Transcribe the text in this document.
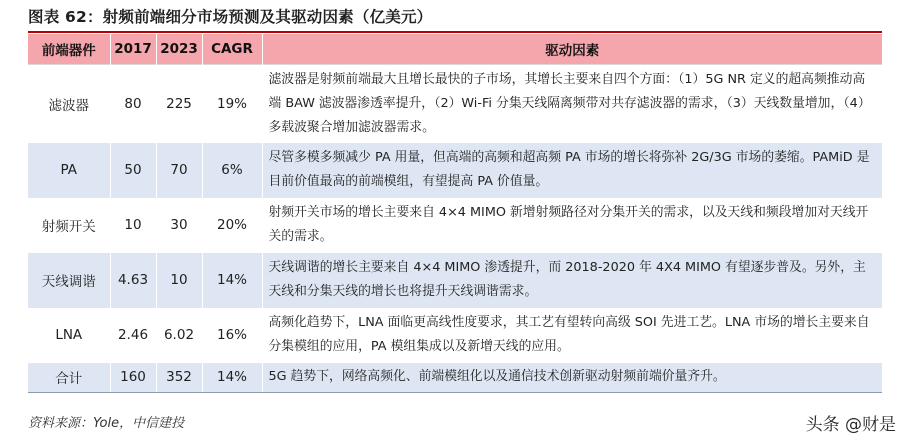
图表 62：射频前端细分市场预测及其驱动因素（亿美元）
前端器件	2017	2023	CAGR	驱动因素
滤波器	80	225	19%	滤波器是射频前端最大且增长最快的子市场，其增长主要来自四个方面：（1）5G NR 定义的超高频推动高端 BAW 滤波器渗透率提升，（2）Wi-Fi 分集天线隔离频带对共存滤波器的需求，（3）天线数量增加，（4）多载波聚合增加滤波器需求。
PA	50	70	6%	尽管多模多频减少 PA 用量，但高端的高频和超高频 PA 市场的增长将弥补 2G/3G 市场的萎缩。PAMiD 是目前价值最高的前端模组，有望提高 PA 价值量。
射频开关	10	30	20%	射频开关市场的增长主要来自 4×4 MIMO 新增射频路径对分集开关的需求，以及天线和频段增加对天线开关的需求。
天线调谐	4.63	10	14%	天线调谐的增长主要来自 4×4 MIMO 渗透提升，而 2018-2020 年 4X4 MIMO 有望逐步普及。另外，主天线和分集天线的增长也将提升天线调谐需求。
LNA	2.46	6.02	16%	高频化趋势下，LNA 面临更高线性度要求，其工艺有望转向高级 SOI 先进工艺。LNA 市场的增长主要来自分集模组的应用，PA 模组集成以及新增天线的应用。
合计	160	352	14%	5G 趋势下，网络高频化、前端模组化以及通信技术创新驱动射频前端价量齐升。
资料来源：Yole，中信建投	头条 @财是
